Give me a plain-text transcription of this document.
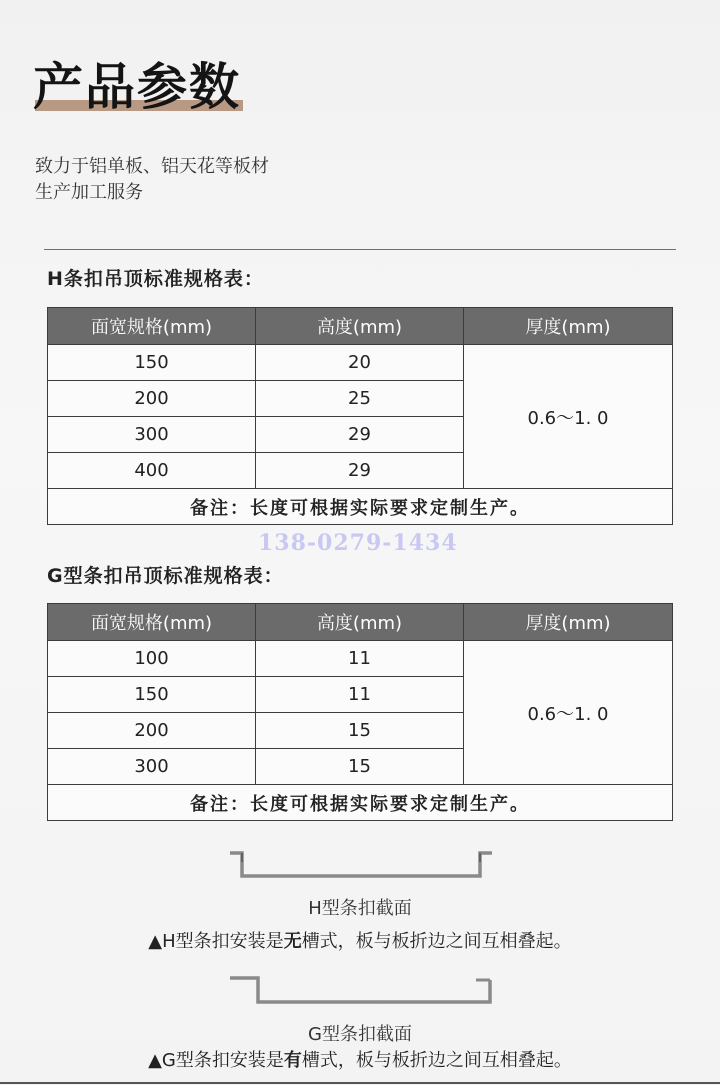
产品参数
致力于铝单板、铝天花等板材
生产加工服务
H条扣吊顶标准规格表：
面宽规格(mm)	高度(mm)	厚度(mm)
150	20	0.6～1. 0
200	25	
300	29	
400	29	
备注：长度可根据实际要求定制生产。		
138-0279-1434
G型条扣吊顶标准规格表：
面宽规格(mm)	高度(mm)	厚度(mm)
100	11	0.6～1. 0
150	11	
200	15	
300	15	
备注：长度可根据实际要求定制生产。		
H型条扣截面
▲H型条扣安装是无槽式，板与板折边之间互相叠起。
G型条扣截面
▲G型条扣安装是有槽式，板与板折边之间互相叠起。
